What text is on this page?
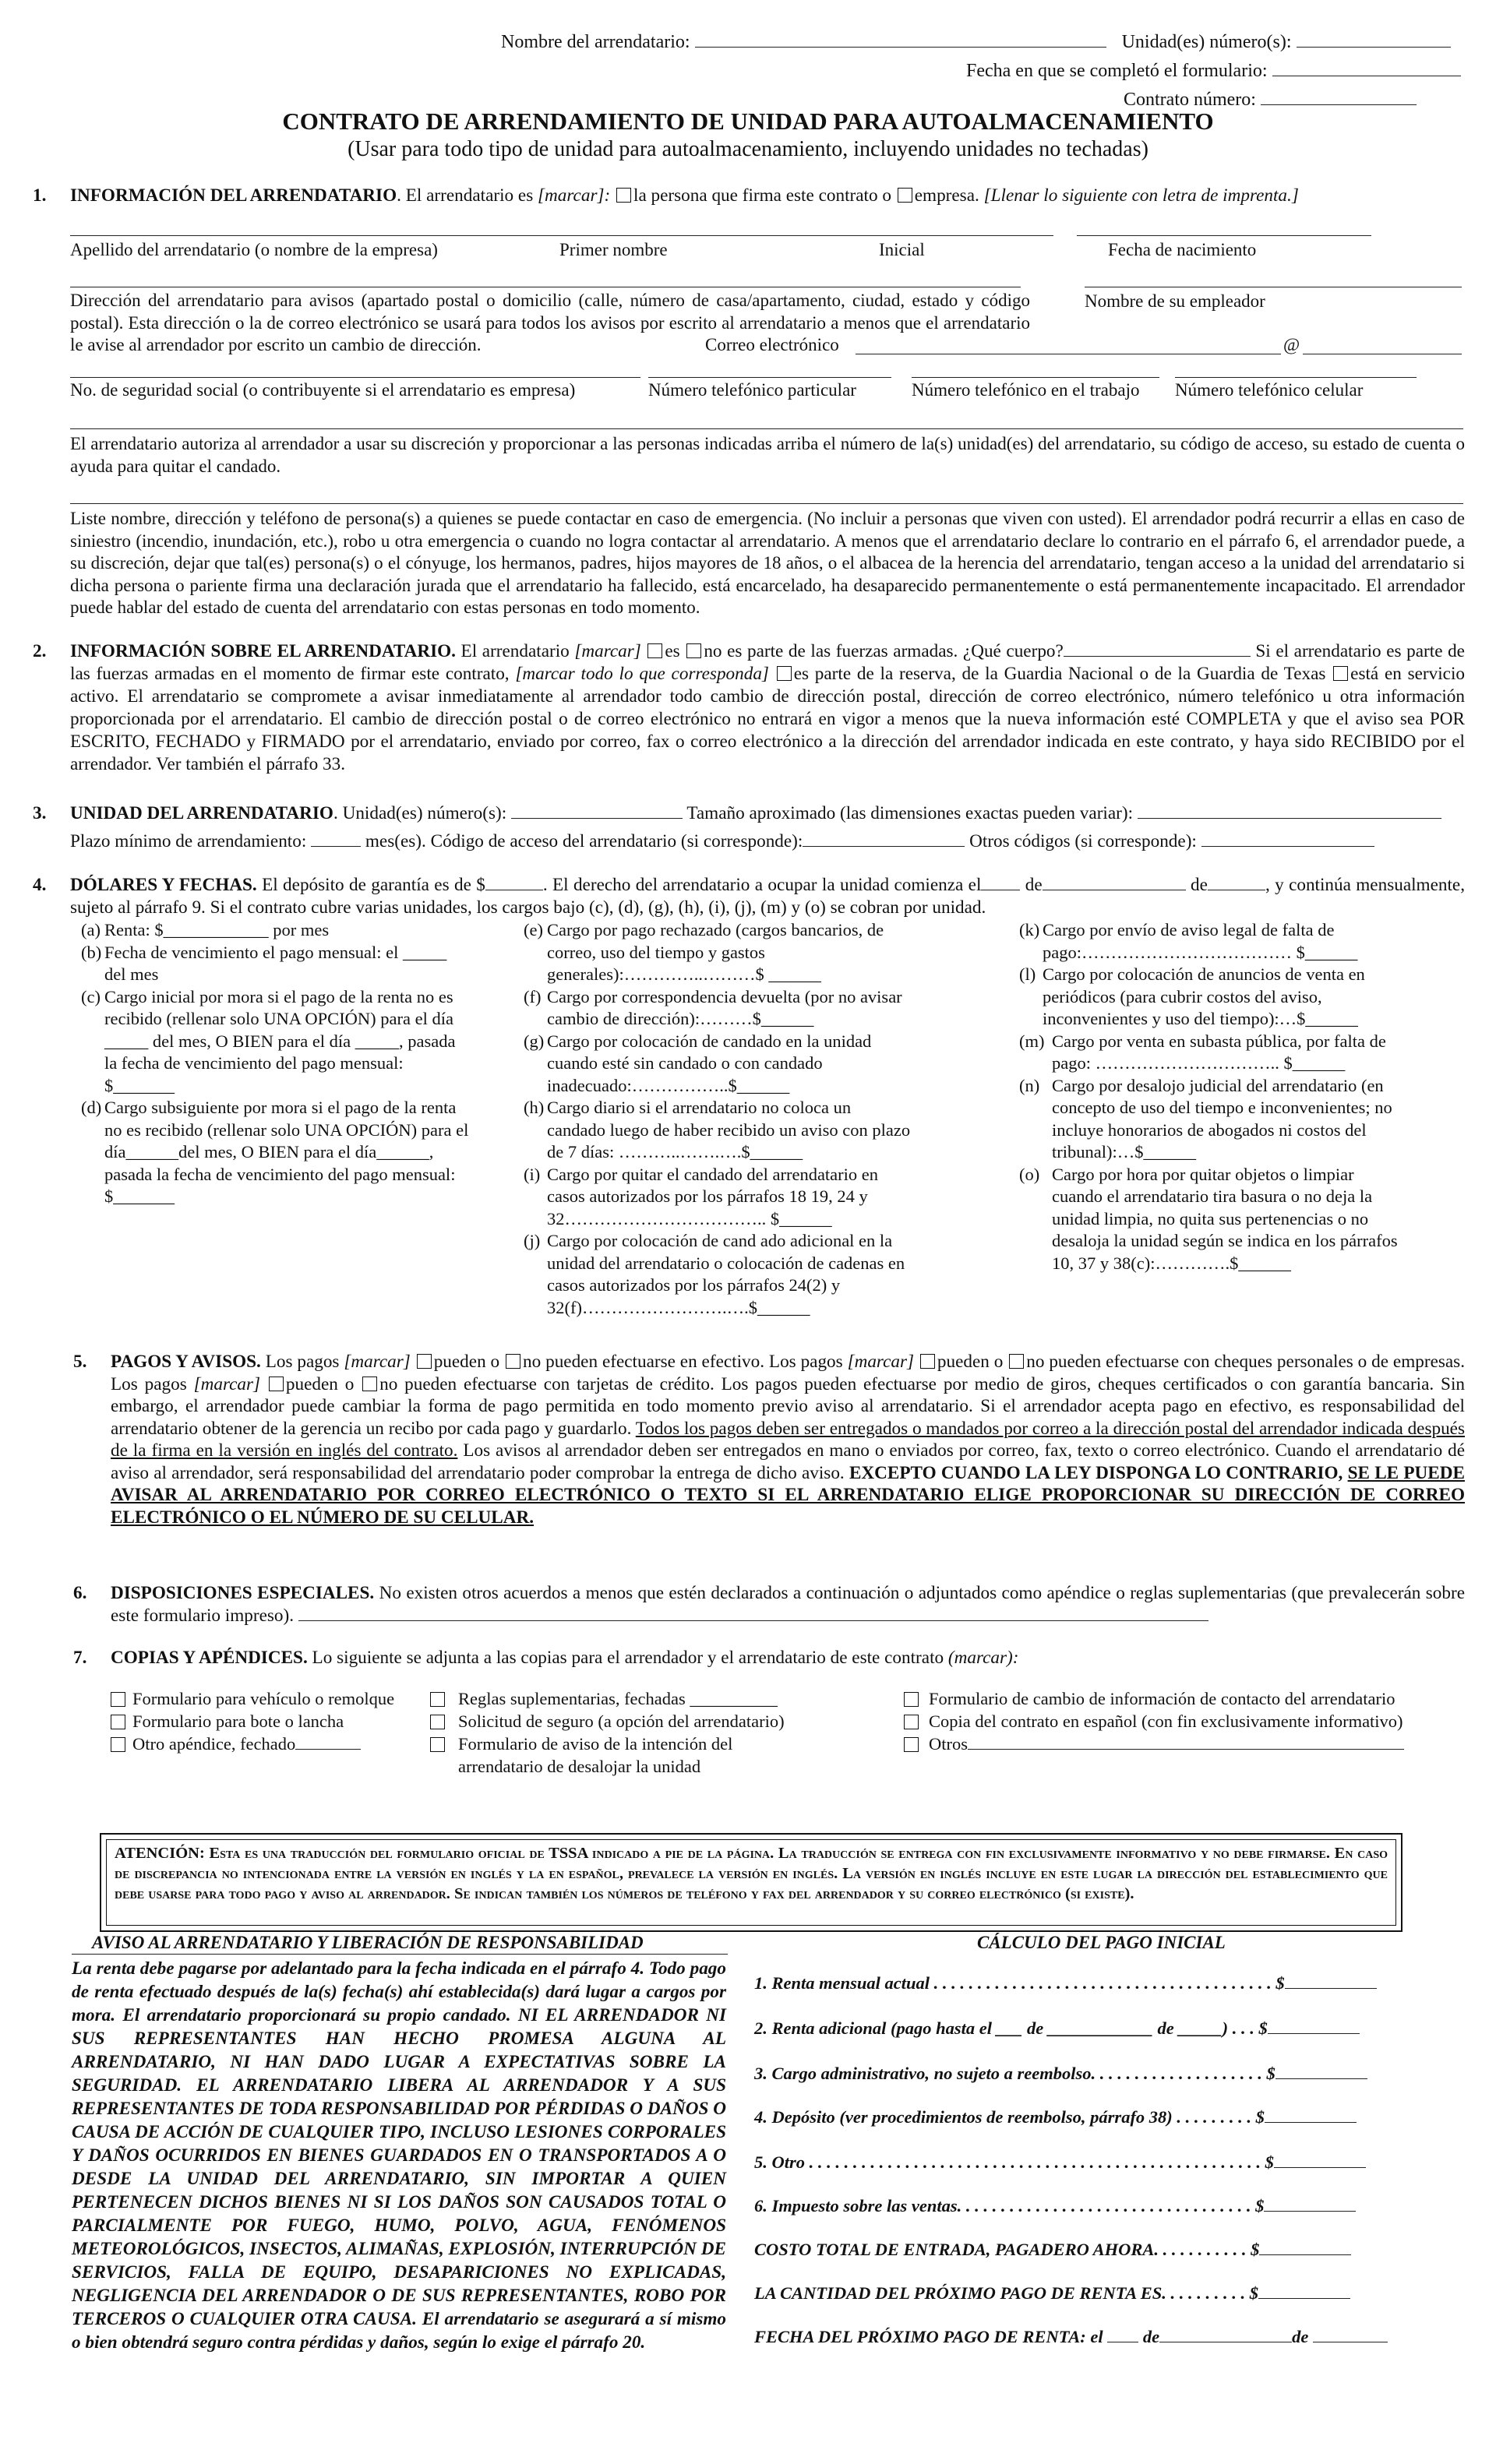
Nombre del arrendatario:	Unidad(es) número(s):
Fecha en que se completó el formulario:
Contrato número:
CONTRATO DE ARRENDAMIENTO DE UNIDAD PARA AUTOALMACENAMIENTO
(Usar para todo tipo de unidad para autoalmacenamiento, incluyendo unidades no techadas)
1. INFORMACIÓN DEL ARRENDATARIO. El arrendatario es [marcar]: la persona que firma este contrato o empresa. [Llenar lo siguiente con letra de imprenta.]
Apellido del arrendatario (o nombre de la empresa)	Primer nombre	Inicial	Fecha de nacimiento
Dirección del arrendatario para avisos (apartado postal o domicilio (calle, número de casa/apartamento, ciudad, estado y código postal). Esta dirección o la de correo electrónico se usará para todos los avisos por escrito al arrendatario a menos que el arrendatario le avise al arrendador por escrito un cambio de dirección.
Nombre de su empleador
Correo electrónico	@
No. de seguridad social (o contribuyente si el arrendatario es empresa)	Número telefónico particular	Número telefónico en el trabajo Número telefónico celular
El arrendatario autoriza al arrendador a usar su discreción y proporcionar a las personas indicadas arriba el número de la(s) unidad(es) del arrendatario, su código de acceso, su estado de cuenta o ayuda para quitar el candado.
Liste nombre, dirección y teléfono de persona(s) a quienes se puede contactar en caso de emergencia. (No incluir a personas que viven con usted). El arrendador podrá recurrir a ellas en caso de siniestro (incendio, inundación, etc.), robo u otra emergencia o cuando no logra contactar al arrendatario. A menos que el arrendatario declare lo contrario en el párrafo 6, el arrendador puede, a su discreción, dejar que tal(es) persona(s) o el cónyuge, los hermanos, padres, hijos mayores de 18 años, o el albacea de la herencia del arrendatario, tengan acceso a la unidad del arrendatario si dicha persona o pariente firma una declaración jurada que el arrendatario ha fallecido, está encarcelado, ha desaparecido permanentemente o está permanentemente incapacitado. El arrendador puede hablar del estado de cuenta del arrendatario con estas personas en todo momento.
2. INFORMACIÓN SOBRE EL ARRENDATARIO. El arrendatario [marcar] es no es parte de las fuerzas armadas. ¿Qué cuerpo?	Si el arrendatario es parte de las fuerzas armadas en el momento de firmar este contrato, [marcar todo lo que corresponda] es parte de la reserva, de la Guardia Nacional o de la Guardia de Texas está en servicio activo. El arrendatario se compromete a avisar inmediatamente al arrendador todo cambio de dirección postal, dirección de correo electrónico, número telefónico u otra información proporcionada por el arrendatario. El cambio de dirección postal o de correo electrónico no entrará en vigor a menos que la nueva información esté COMPLETA y que el aviso sea POR ESCRITO, FECHADO y FIRMADO por el arrendatario, enviado por correo, fax o correo electrónico a la dirección del arrendador indicada en este contrato, y haya sido RECIBIDO por el arrendador. Ver también el párrafo 33.
3. UNIDAD DEL ARRENDATARIO. Unidad(es) número(s):	Tamaño aproximado (las dimensiones exactas pueden variar):
Plazo mínimo de arrendamiento:	mes(es). Código de acceso del arrendatario (si corresponde):	Otros códigos (si corresponde):
4. DÓLARES Y FECHAS. El depósito de garantía es de $	. El derecho del arrendatario a ocupar la unidad comienza el de	de	, y continúa mensualmente, sujeto al párrafo 9. Si el contrato cubre varias unidades, los cargos bajo (c), (d), (g), (h), (i), (j), (m) y (o) se cobran por unidad.
(a) Renta: $____________ por mes
(b) Fecha de vencimiento el pago mensual: el _____ del mes
(c) Cargo inicial por mora si el pago de la renta no es recibido (rellenar solo UNA OPCIÓN) para el día _____ del mes, O BIEN para el día _____, pasada la fecha de vencimiento del pago mensual: $_______
(d) Cargo subsiguiente por mora si el pago de la renta no es recibido (rellenar solo UNA OPCIÓN) para el día______del mes, O BIEN para el día______, pasada la fecha de vencimiento del pago mensual: $_______
(e) Cargo por pago rechazado (cargos bancarios, de correo, uso del tiempo y gastos generales):…………..………$ ______
(f) Cargo por correspondencia devuelta (por no avisar cambio de dirección):………$______
(g) Cargo por colocación de candado en la unidad cuando esté sin candado o con candado inadecuado:……………..$______
(h) Cargo diario si el arrendatario no coloca un candado luego de haber recibido un aviso con plazo de 7 días: ………..…….….$______
(i) Cargo por quitar el candado del arrendatario en casos autorizados por los párrafos 18 19, 24 y 32…………………………….. $______
(j) Cargo por colocación de cand ado adicional en la unidad del arrendatario o colocación de cadenas en casos autorizados por los párrafos 24(2) y 32(f)…………………….….$______
(k) Cargo por envío de aviso legal de falta de pago:……………………………… $______
(l) Cargo por colocación de anuncios de venta en periódicos (para cubrir costos del aviso, inconvenientes y uso del tiempo):…$______
(m) Cargo por venta en subasta pública, por falta de pago: ………………………….. $______
(n) Cargo por desalojo judicial del arrendatario (en concepto de uso del tiempo e inconvenientes; no incluye honorarios de abogados ni costos del tribunal):…$______
(o) Cargo por hora por quitar objetos o limpiar cuando el arrendatario tira basura o no deja la unidad limpia, no quita sus pertenencias o no desaloja la unidad según se indica en los párrafos 10, 37 y 38(c):………….$______
5. PAGOS Y AVISOS. Los pagos [marcar] pueden o no pueden efectuarse en efectivo. Los pagos [marcar] pueden o no pueden efectuarse con cheques personales o de empresas. Los pagos [marcar] pueden o no pueden efectuarse con tarjetas de crédito. Los pagos pueden efectuarse por medio de giros, cheques certificados o con garantía bancaria. Sin embargo, el arrendador puede cambiar la forma de pago permitida en todo momento previo aviso al arrendatario. Si el arrendador acepta pago en efectivo, es responsabilidad del arrendatario obtener de la gerencia un recibo por cada pago y guardarlo. Todos los pagos deben ser entregados o mandados por correo a la dirección postal del arrendador indicada después de la firma en la versión en inglés del contrato. Los avisos al arrendador deben ser entregados en mano o enviados por correo, fax, texto o correo electrónico. Cuando el arrendatario dé aviso al arrendador, será responsabilidad del arrendatario poder comprobar la entrega de dicho aviso. EXCEPTO CUANDO LA LEY DISPONGA LO CONTRARIO, SE LE PUEDE AVISAR AL ARRENDATARIO POR CORREO ELECTRÓNICO O TEXTO SI EL ARRENDATARIO ELIGE PROPORCIONAR SU DIRECCIÓN DE CORREO ELECTRÓNICO O EL NÚMERO DE SU CELULAR.
6. DISPOSICIONES ESPECIALES. No existen otros acuerdos a menos que estén declarados a continuación o adjuntados como apéndice o reglas suplementarias (que prevalecerán sobre este formulario impreso).
7. COPIAS Y APÉNDICES. Lo siguiente se adjunta a las copias para el arrendador y el arrendatario de este contrato (marcar):
Formulario para vehículo o remolque
Formulario para bote o lancha
Otro apéndice, fechado
Reglas suplementarias, fechadas __________
Solicitud de seguro (a opción del arrendatario)
Formulario de aviso de la intención del arrendatario de desalojar la unidad
Formulario de cambio de información de contacto del arrendatario
Copia del contrato en español (con fin exclusivamente informativo)
Otros
ATENCIÓN: Esta es una traducción del formulario oficial de TSSA indicado a pie de la página. La traducción se entrega con fin exclusivamente informativo y no debe firmarse. En caso de discrepancia no intencionada entre la versión en inglés y la en español, prevalece la versión en inglés. La versión en inglés incluye en este lugar la dirección del establecimiento que debe usarse para todo pago y aviso al arrendador. Se indican también los números de teléfono y fax del arrendador y su correo electrónico (si existe).
AVISO AL ARRENDATARIO Y LIBERACIÓN DE RESPONSABILIDAD	CÁLCULO DEL PAGO INICIAL
La renta debe pagarse por adelantado para la fecha indicada en el párrafo 4. Todo pago de renta efectuado después de la(s) fecha(s) ahí establecida(s) dará lugar a cargos por mora. El arrendatario proporcionará su propio candado. NI EL ARRENDADOR NI SUS REPRESENTANTES HAN HECHO PROMESA ALGUNA AL ARRENDATARIO, NI HAN DADO LUGAR A EXPECTATIVAS SOBRE LA SEGURIDAD. EL ARRENDATARIO LIBERA AL ARRENDADOR Y A SUS REPRESENTANTES DE TODA RESPONSABILIDAD POR PÉRDIDAS O DAÑOS O CAUSA DE ACCIÓN DE CUALQUIER TIPO, INCLUSO LESIONES CORPORALES Y DAÑOS OCURRIDOS EN BIENES GUARDADOS EN O TRANSPORTADOS A O DESDE LA UNIDAD DEL ARRENDATARIO, SIN IMPORTAR A QUIEN PERTENECEN DICHOS BIENES NI SI LOS DAÑOS SON CAUSADOS TOTAL O PARCIALMENTE POR FUEGO, HUMO, POLVO, AGUA, FENÓMENOS METEOROLÓGICOS, INSECTOS, ALIMAÑAS, EXPLOSIÓN, INTERRUPCIÓN DE SERVICIOS, FALLA DE EQUIPO, DESAPARICIONES NO EXPLICADAS, NEGLIGENCIA DEL ARRENDADOR O DE SUS REPRESENTANTES, ROBO POR TERCEROS O CUALQUIER OTRA CAUSA. El arrendatario se asegurará a sí mismo o bien obtendrá seguro contra pérdidas y daños, según lo exige el párrafo 20.
1. Renta mensual actual . . . . . . . . . . . . . . . . . . . . . . . . . . . . . . . . . . . . . . . $
2. Renta adicional (pago hasta el ___ de ____________ de _____) . . . $
3. Cargo administrativo, no sujeto a reembolso. . . . . . . . . . . . . . . . . . . . $
4. Depósito (ver procedimientos de reembolso, párrafo 38) . . . . . . . . . $
5. Otro . . . . . . . . . . . . . . . . . . . . . . . . . . . . . . . . . . . . . . . . . . . . . . . . . . . . $
6. Impuesto sobre las ventas. . . . . . . . . . . . . . . . . . . . . . . . . . . . . . . . . . $
COSTO TOTAL DE ENTRADA, PAGADERO AHORA. . . . . . . . . . . $
LA CANTIDAD DEL PRÓXIMO PAGO DE RENTA ES. . . . . . . . . . $
FECHA DEL PRÓXIMO PAGO DE RENTA: el de	de
